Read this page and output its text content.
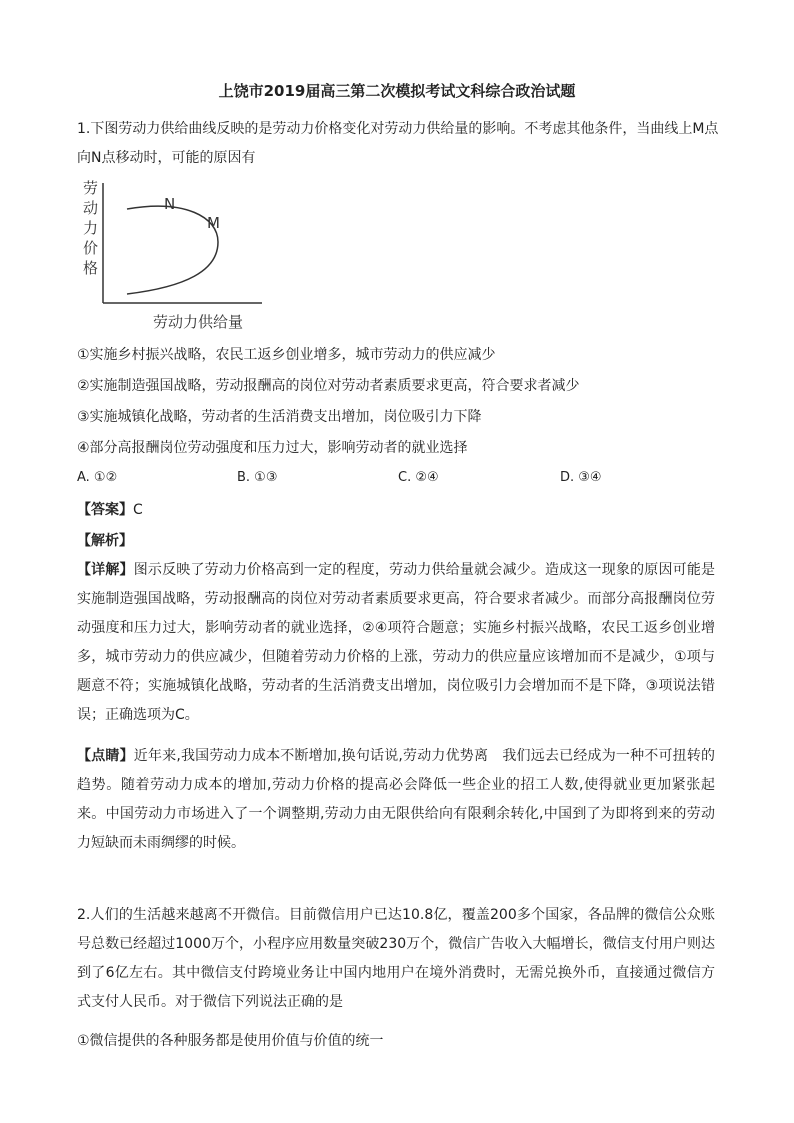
上饶市2019届高三第二次模拟考试文科综合政治试题
1.下图劳动力供给曲线反映的是劳动力价格变化对劳动力供给量的影响。不考虑其他条件，当曲线上M点
向N点移动时，可能的原因有
劳
动
力
价
格
N
M
劳动力供给量
①实施乡村振兴战略，农民工返乡创业增多，城市劳动力的供应减少
②实施制造强国战略，劳动报酬高的岗位对劳动者素质要求更高，符合要求者减少
③实施城镇化战略，劳动者的生活消费支出增加，岗位吸引力下降
④部分高报酬岗位劳动强度和压力过大，影响劳动者的就业选择
A. ①②	B. ①③	C. ②④	D. ③④
【答案】C
【解析】
【详解】图示反映了劳动力价格高到一定的程度，劳动力供给量就会减少。造成这一现象的原因可能是实施制造强国战略，劳动报酬高的岗位对劳动者素质要求更高，符合要求者减少。而部分高报酬岗位劳动强度和压力过大，影响劳动者的就业选择，②④项符合题意；实施乡村振兴战略，农民工返乡创业增多，城市劳动力的供应减少，但随着劳动力价格的上涨，劳动力的供应量应该增加而不是减少，①项与题意不符；实施城镇化战略，劳动者的生活消费支出增加，岗位吸引力会增加而不是下降，③项说法错误；正确选项为C。
【点睛】近年来,我国劳动力成本不断增加,换句话说,劳动力优势离　我们远去已经成为一种不可扭转的趋势。随着劳动力成本的增加,劳动力价格的提高必会降低一些企业的招工人数,使得就业更加紧张起来。中国劳动力市场进入了一个调整期,劳动力由无限供给向有限剩余转化,中国到了为即将到来的劳动力短缺而未雨绸缪的时候。
2.人们的生活越来越离不开微信。目前微信用户已达10.8亿，覆盖200多个国家，各品牌的微信公众账号总数已经超过1000万个，小程序应用数量突破230万个，微信广告收入大幅增长，微信支付用户则达到了6亿左右。其中微信支付跨境业务让中国内地用户在境外消费时，无需兑换外币，直接通过微信方式支付人民币。对于微信下列说法正确的是
①微信提供的各种服务都是使用价值与价值的统一
